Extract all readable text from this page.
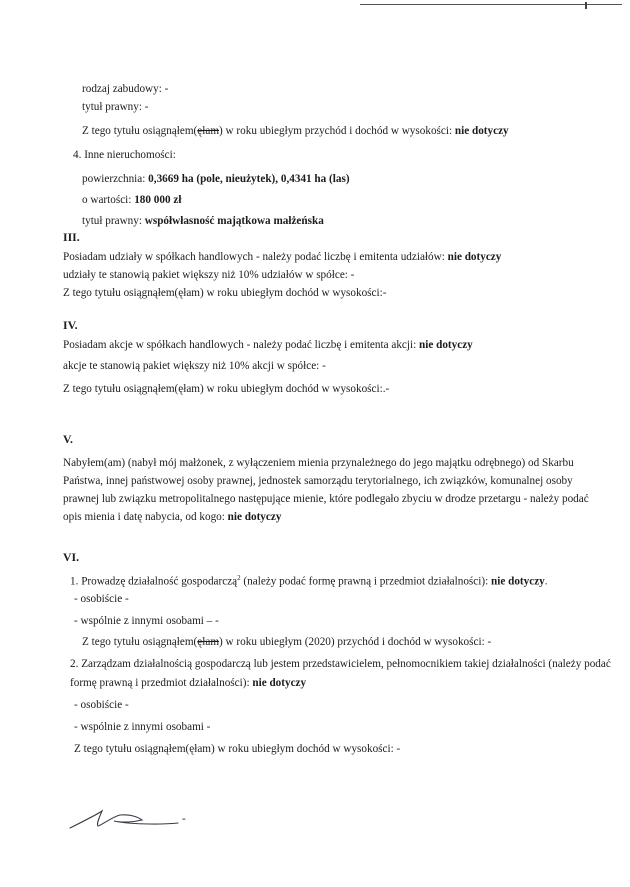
rodzaj zabudowy: -
tytuł prawny: -
Z tego tytułu osiągnąłem(ęłam) w roku ubiegłym przychód i dochód w wysokości: nie dotyczy
4. Inne nieruchomości:
powierzchnia: 0,3669 ha (pole, nieużytek), 0,4341 ha (las)
o wartości: 180 000 zł
tytuł prawny: współwłasność majątkowa małżeńska
III.
Posiadam udziały w spółkach handlowych - należy podać liczbę i emitenta udziałów: nie dotyczy
udziały te stanowią pakiet większy niż 10% udziałów w spółce: -
Z tego tytułu osiągnąłem(ęłam) w roku ubiegłym dochód w wysokości:-
IV.
Posiadam akcje w spółkach handlowych - należy podać liczbę i emitenta akcji: nie dotyczy
akcje te stanowią pakiet większy niż 10% akcji w spółce: -
Z tego tytułu osiągnąłem(ęłam) w roku ubiegłym dochód w wysokości:.-
V.
Nabyłem(am) (nabył mój małżonek, z wyłączeniem mienia przynależnego do jego majątku odrębnego) od Skarbu
Państwa, innej państwowej osoby prawnej, jednostek samorządu terytorialnego, ich związków, komunalnej osoby
prawnej lub związku metropolitalnego następujące mienie, które podlegało zbyciu w drodze przetargu - należy podać
opis mienia i datę nabycia, od kogo: nie dotyczy
VI.
1. Prowadzę działalność gospodarczą$^2$ (należy podać formę prawną i przedmiot działalności): nie dotyczy.
- osobiście -
- wspólnie z innymi osobami – -
Z tego tytułu osiągnąłem(ęłam) w roku ubiegłym (2020) przychód i dochód w wysokości: -
2. Zarządzam działalnością gospodarczą lub jestem przedstawicielem, pełnomocnikiem takiej działalności (należy podać
formę prawną i przedmiot działalności): nie dotyczy
- osobiście -
- wspólnie z innymi osobami -
Z tego tytułu osiągnąłem(ęłam) w roku ubiegłym dochód w wysokości: -
-
